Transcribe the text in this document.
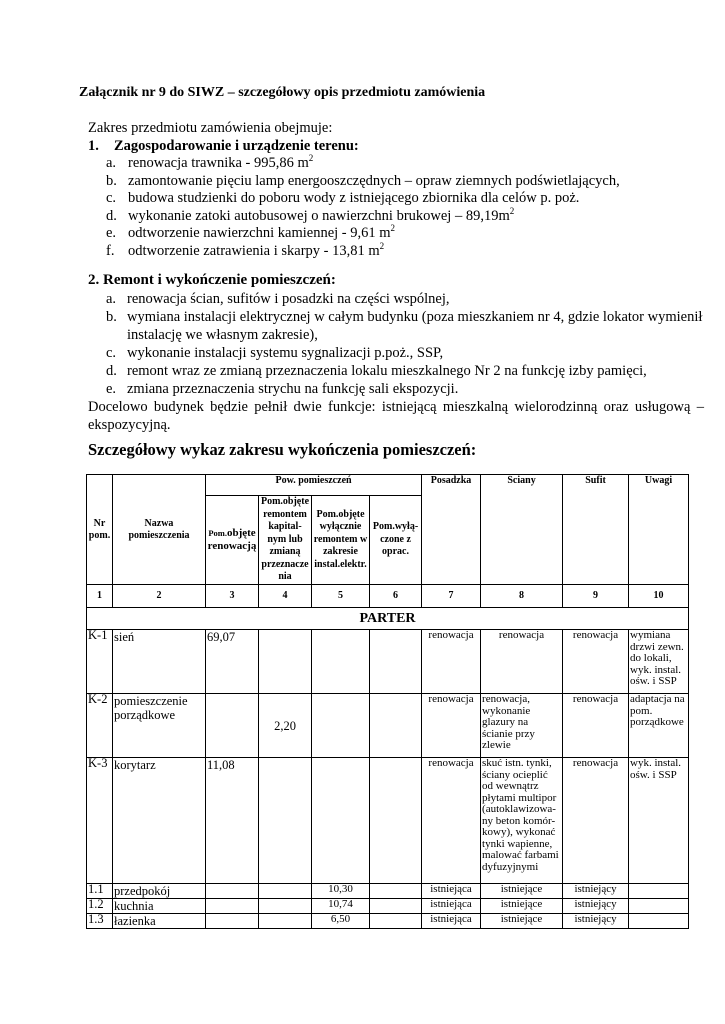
Załącznik nr 9 do SIWZ – szczegółowy opis przedmiotu zamówienia
Zakres przedmiotu zamówienia obejmuje:
1. Zagospodarowanie i urządzenie terenu:
a. renowacja trawnika - 995,86 $m^2$
b. zamontowanie pięciu lamp energooszczędnych – opraw ziemnych podświetlających,
c. budowa studzienki do poboru wody z istniejącego zbiornika dla celów p. poż.
d. wykonanie zatoki autobusowej o nawierzchni brukowej – $89,19m^2$
e. odtworzenie nawierzchni kamiennej - 9,61 $m^2$
f. odtworzenie zatrawienia i skarpy - 13,81 $m^2$
2. Remont i wykończenie pomieszczeń:
a. renowacja ścian, sufitów i posadzki na części wspólnej,
b. wymiana instalacji elektrycznej w całym budynku (poza mieszkaniem nr 4, gdzie lokator wymienił instalację we własnym zakresie),
c. wykonanie instalacji systemu sygnalizacji p.poż., SSP,
d. remont wraz ze zmianą przeznaczenia lokalu mieszkalnego Nr 2 na funkcję izby pamięci,
e. zmiana przeznaczenia strychu na funkcję sali ekspozycji.
Docelowo budynek będzie pełnił dwie funkcje: istniejącą mieszkalną wielorodzinną oraz usługową – ekspozycyjną.
Szczegółowy wykaz zakresu wykończenia pomieszczeń:
Nr pom.	Nazwa pomieszczenia	Pow. pomieszczeń				Posadzka	Ściany	Sufit	Uwagi
		Pom.objęte renowacją	Pom.objęte remontem kapital-nym lub zmianą przeznacze nia	Pom.objęte wyłącznie remontem w zakresie instal.elektr.	Pom.wyłą-czone z oprac.				
1	2	3	4	5	6	7	8	9	10
PARTER									
K-1	sień	69,07				renowacja	renowacja	renowacja	wymiana drzwi zewn. do lokali, wyk. instal. ośw. i SSP
K-2	pomieszczenie porządkowe		2,20			renowacja	renowacja, wykonanie glazury na ścianie przy zlewie	renowacja	adaptacja na pom. porządkowe
K-3	korytarz	11,08				renowacja	skuć istn. tynki, ściany ocieplić od wewnątrz płytami multipor (autoklawizowa-ny beton komór-kowy), wykonać tynki wapienne, malować farbami dyfuzyjnymi	renowacja	wyk. instal. ośw. i SSP
1.1	przedpokój			10,30		istniejąca	istniejące	istniejący	
1.2	kuchnia			10,74		istniejąca	istniejące	istniejący	
1.3	łazienka			6,50		istniejąca	istniejące	istniejący	
